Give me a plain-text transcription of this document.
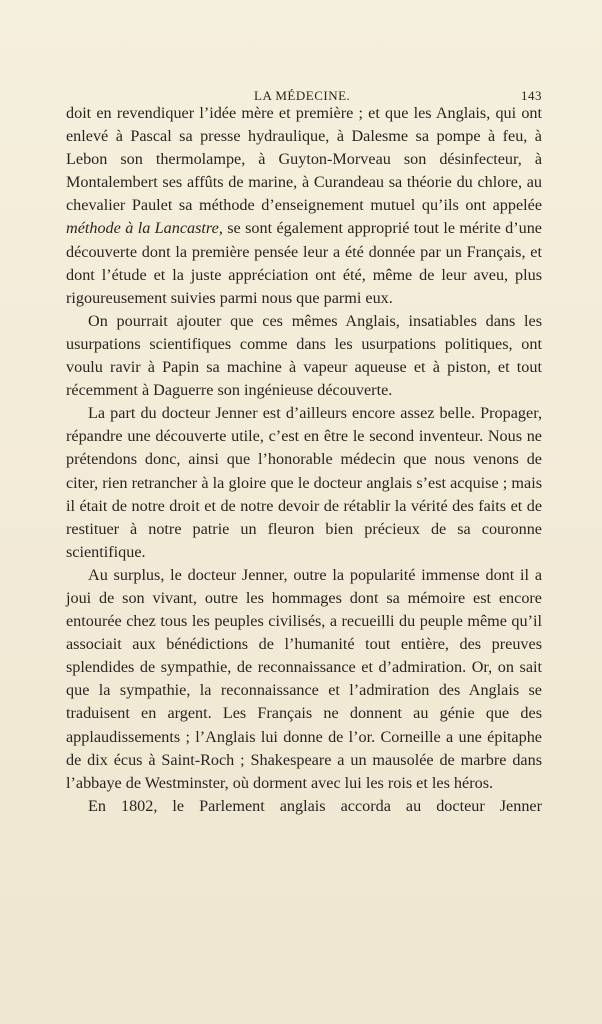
LA MÉDECINE.	143

doit en revendiquer l’idée mère et première ; et que les Anglais, qui ont enlevé à Pascal sa presse hydraulique, à Dalesme sa pompe à feu, à Lebon son thermolampe, à Guyton-Morveau son désinfecteur, à Montalembert ses affûts de marine, à Curandeau sa théorie du chlore, au chevalier Paulet sa méthode d’enseignement mutuel qu’ils ont appelée méthode à la Lancastre, se sont également approprié tout le mérite d’une découverte dont la première pensée leur a été donnée par un Français, et dont l’étude et la juste appréciation ont été, même de leur aveu, plus rigoureusement suivies parmi nous que parmi eux.

On pourrait ajouter que ces mêmes Anglais, insatiables dans les usurpations scientifiques comme dans les usurpations politiques, ont voulu ravir à Papin sa machine à vapeur aqueuse et à piston, et tout récemment à Daguerre son ingénieuse découverte.

La part du docteur Jenner est d’ailleurs encore assez belle. Propager, répandre une découverte utile, c’est en être le second inventeur. Nous ne prétendons donc, ainsi que l’honorable médecin que nous venons de citer, rien retrancher à la gloire que le docteur anglais s’est acquise ; mais il était de notre droit et de notre devoir de rétablir la vérité des faits et de restituer à notre patrie un fleuron bien précieux de sa couronne scientifique.

Au surplus, le docteur Jenner, outre la popularité immense dont il a joui de son vivant, outre les hommages dont sa mémoire est encore entourée chez tous les peuples civilisés, a recueilli du peuple même qu’il associait aux bénédictions de l’humanité tout entière, des preuves splendides de sympathie, de reconnaissance et d’admiration. Or, on sait que la sympathie, la reconnaissance et l’admiration des Anglais se traduisent en argent. Les Français ne donnent au génie que des applaudissements ; l’Anglais lui donne de l’or. Corneille a une épitaphe de dix écus à Saint-Roch ; Shakespeare a un mausolée de marbre dans l’abbaye de Westminster, où dorment avec lui les rois et les héros.

En 1802, le Parlement anglais accorda au docteur Jenner
